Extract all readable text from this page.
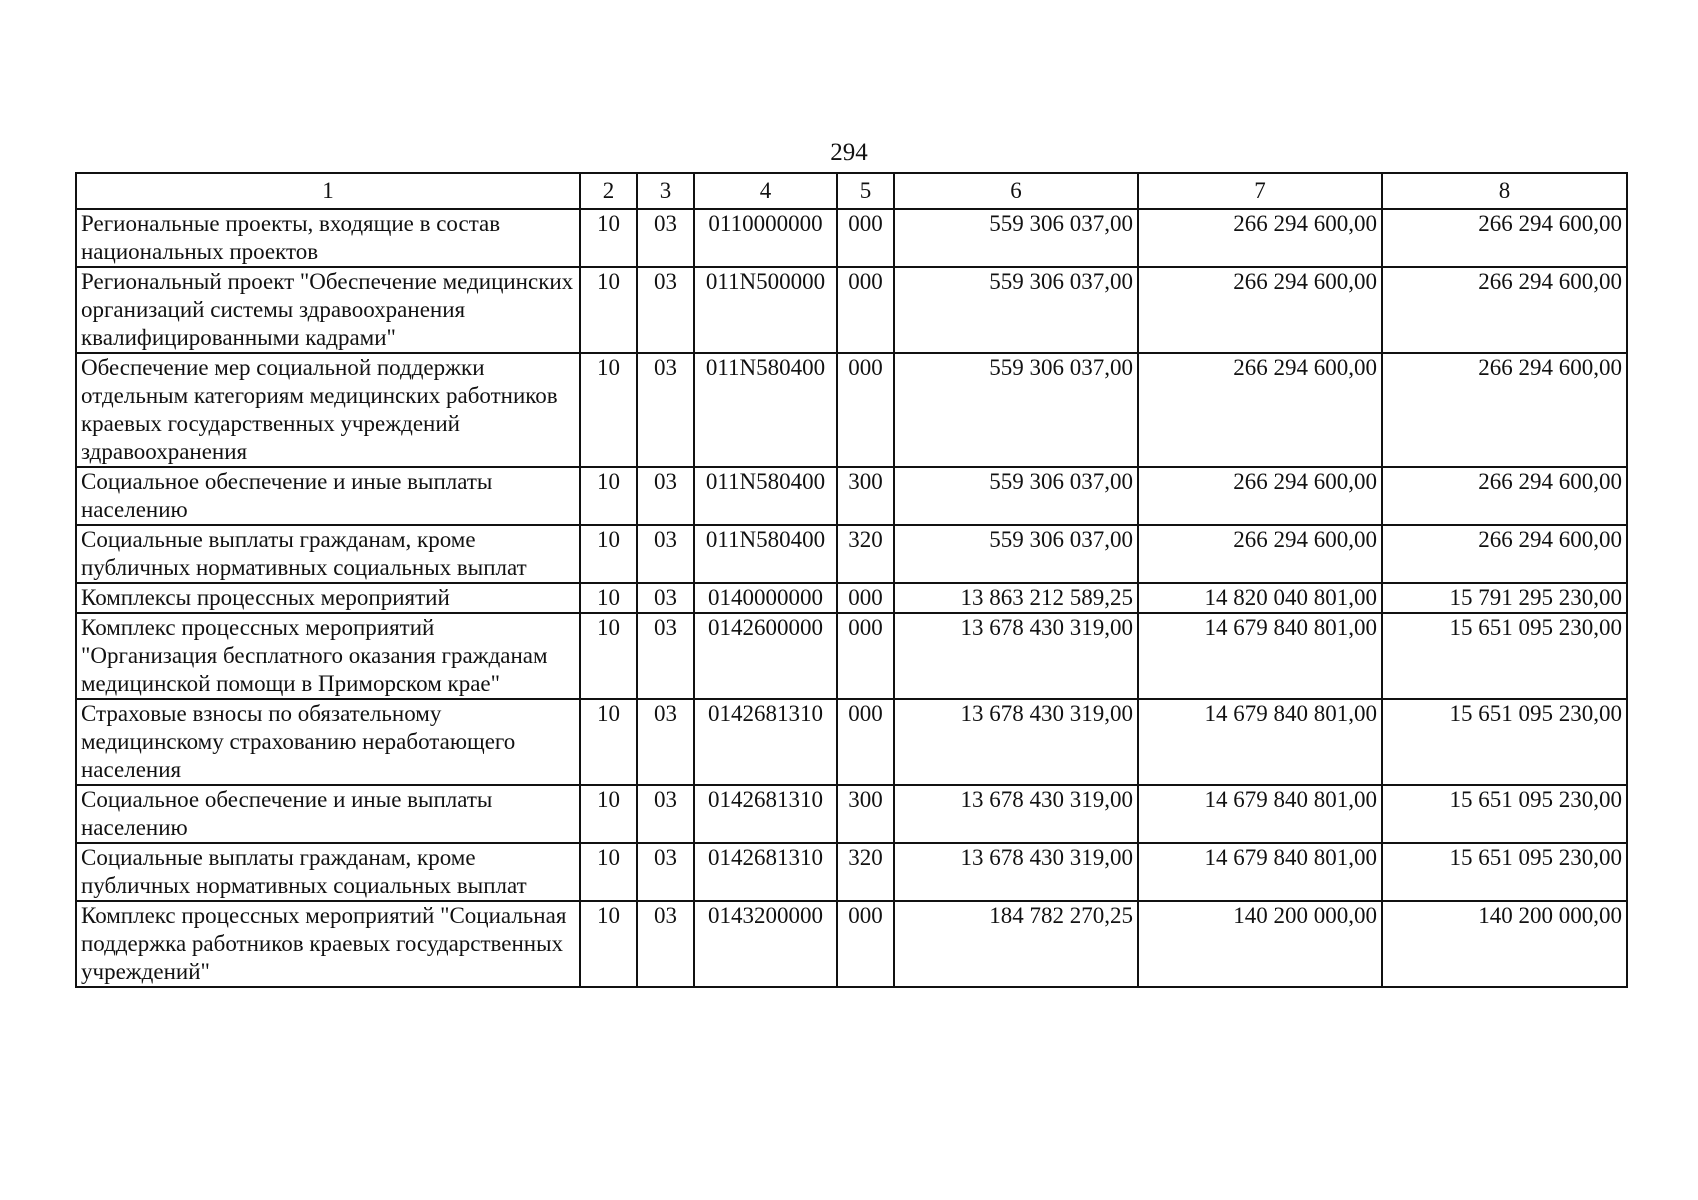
294
1	2	3	4	5	6	7	8
Региональные проекты, входящие в состав национальных проектов	10	03	0110000000	000	559 306 037,00	266 294 600,00	266 294 600,00
Региональный проект "Обеспечение медицинских организаций системы здравоохранения квалифицированными кадрами"	10	03	011N500000	000	559 306 037,00	266 294 600,00	266 294 600,00
Обеспечение мер социальной поддержки отдельным категориям медицинских работников краевых государственных учреждений здравоохранения	10	03	011N580400	000	559 306 037,00	266 294 600,00	266 294 600,00
Социальное обеспечение и иные выплаты населению	10	03	011N580400	300	559 306 037,00	266 294 600,00	266 294 600,00
Социальные выплаты гражданам, кроме публичных нормативных социальных выплат	10	03	011N580400	320	559 306 037,00	266 294 600,00	266 294 600,00
Комплексы процессных мероприятий	10	03	0140000000	000	13 863 212 589,25	14 820 040 801,00	15 791 295 230,00
Комплекс процессных мероприятий "Организация бесплатного оказания гражданам медицинской помощи в Приморском крае"	10	03	0142600000	000	13 678 430 319,00	14 679 840 801,00	15 651 095 230,00
Страховые взносы по обязательному медицинскому страхованию неработающего населения	10	03	0142681310	000	13 678 430 319,00	14 679 840 801,00	15 651 095 230,00
Социальное обеспечение и иные выплаты населению	10	03	0142681310	300	13 678 430 319,00	14 679 840 801,00	15 651 095 230,00
Социальные выплаты гражданам, кроме публичных нормативных социальных выплат	10	03	0142681310	320	13 678 430 319,00	14 679 840 801,00	15 651 095 230,00
Комплекс процессных мероприятий "Социальная поддержка работников краевых государственных учреждений"	10	03	0143200000	000	184 782 270,25	140 200 000,00	140 200 000,00
